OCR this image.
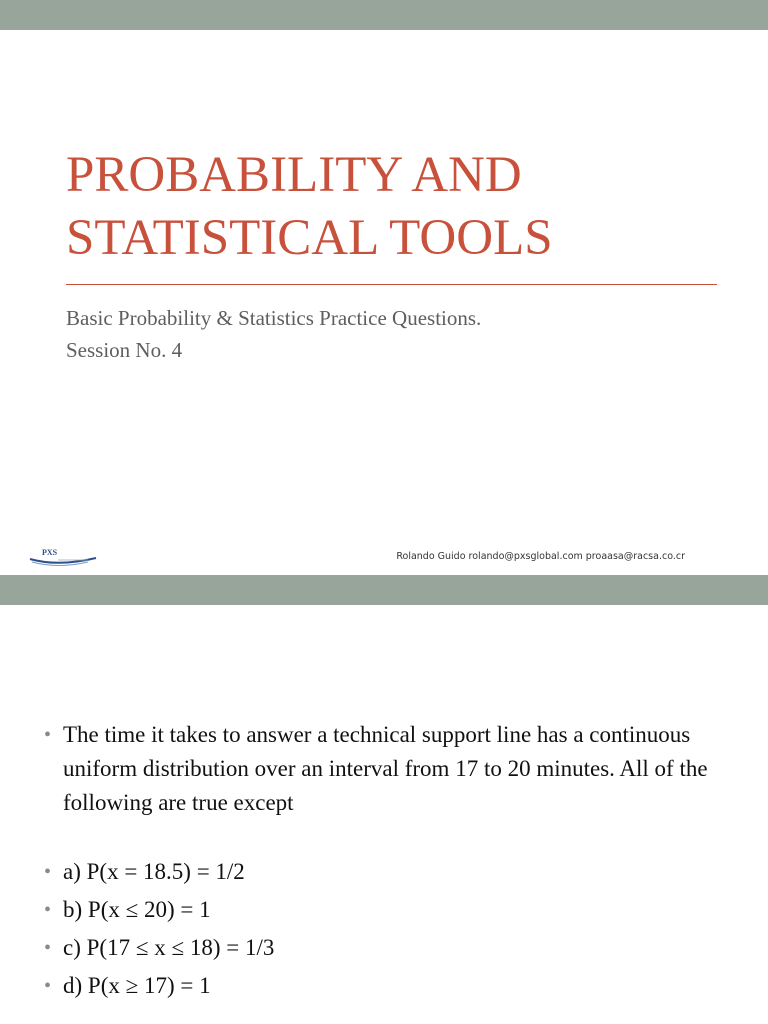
PROBABILITY AND
STATISTICAL TOOLS
Basic Probability & Statistics Practice Questions.
Session No. 4
PXS	Rolando Guido rolando@pxsglobal.com proaasa@racsa.co.cr
• The time it takes to answer a technical support line has a continuous uniform distribution over an interval from 17 to 20 minutes. All of the following are true except
• a) P(x = 18.5) = 1/2
• b) P(x ≤ 20) = 1
• c) P(17 ≤ x ≤ 18) = 1/3
• d) P(x ≥ 17) = 1
